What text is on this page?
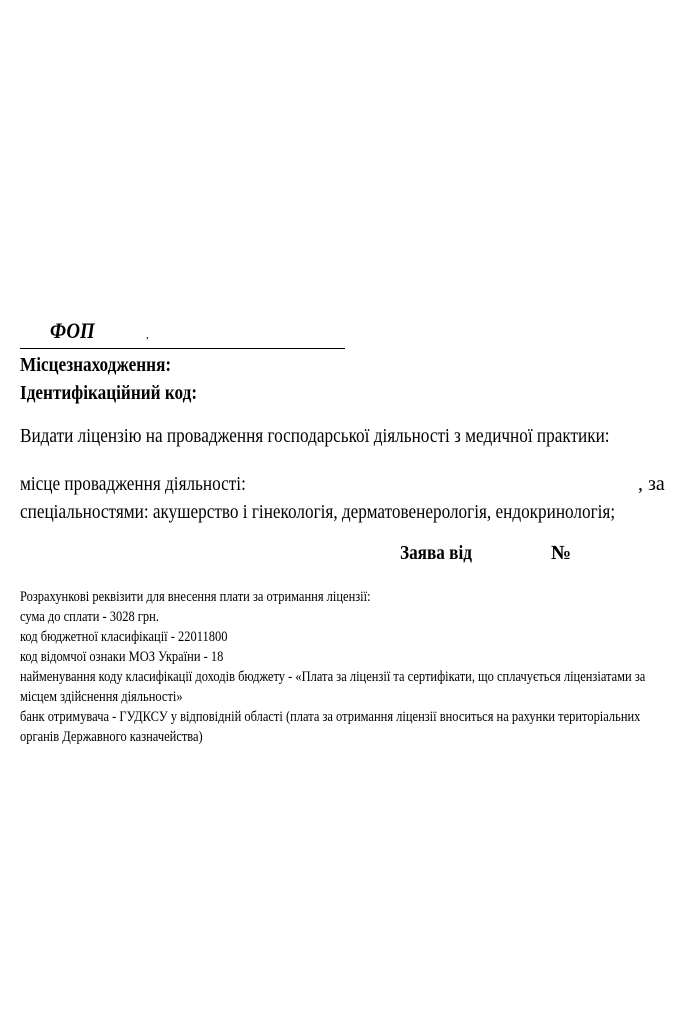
ФОП	,
Місцезнаходження:
Ідентифікаційний код:
Видати ліцензію на провадження господарської діяльності з медичної практики:
місце провадження діяльності:	, за
спеціальностями: акушерство і гінекологія, дерматовенерологія, ендокринологія;
Заява від	№
Розрахункові реквізити для внесення плати за отримання ліцензії:
сума до сплати - 3028 грн.
код бюджетної класифікації - 22011800
код відомчої ознаки МОЗ України - 18
найменування коду класифікації доходів бюджету - «Плата за ліцензії та сертифікати, що сплачується ліцензіатами за
місцем здійснення діяльності»
банк отримувача - ГУДКСУ у відповідній області (плата за отримання ліцензії вноситься на рахунки територіальних
органів Державного казначейства)
